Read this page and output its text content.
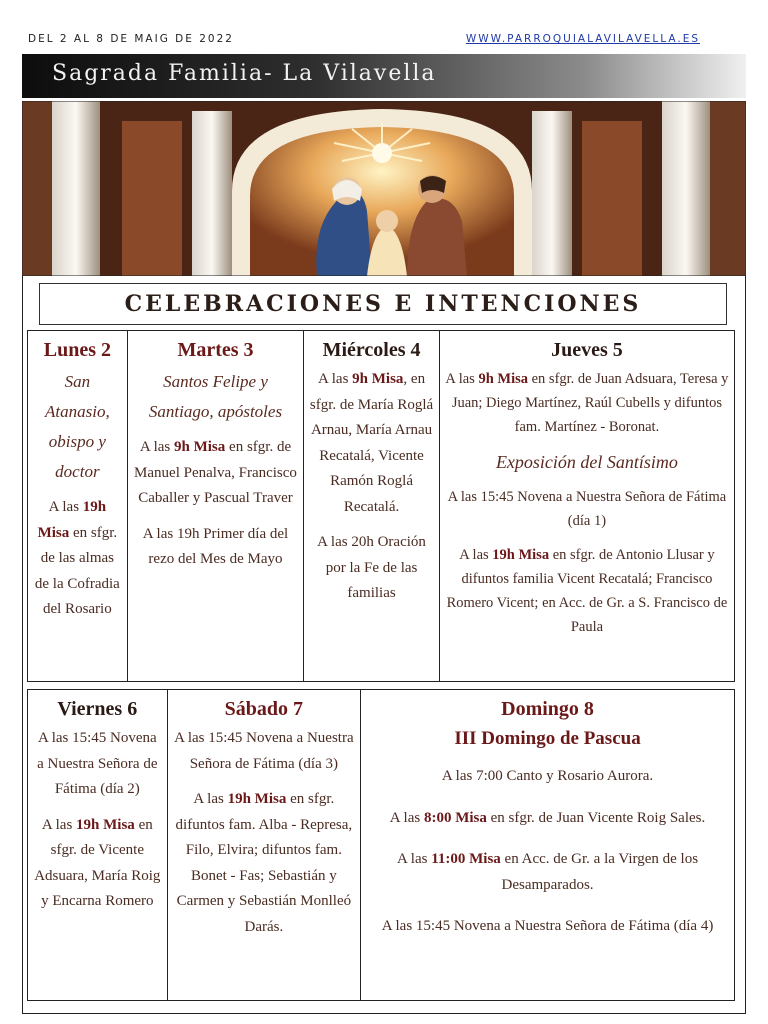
DEL 2 AL 8 DE MAIG DE 2022	WWW.PARROQUIALAVILAVELLA.ES
Sagrada Familia- La Vilavella
CELEBRACIONES E INTENCIONES
Lunes 2
San Atanasio, obispo y doctor
A las 19h Misa en sfgr. de las almas de la Cofradia del Rosario
Martes 3
Santos Felipe y Santiago, apóstoles
A las 9h Misa en sfgr. de Manuel Penalva, Francisco Caballer y Pascual Traver
A las 19h Primer día del rezo del Mes de Mayo
Miércoles 4
A las 9h Misa, en sfgr. de María Roglá Arnau, María Arnau Recatalá, Vicente Ramón Roglá Recatalá.
A las 20h Oración por la Fe de las familias
Jueves 5
A las 9h Misa en sfgr. de Juan Adsuara, Teresa y Juan; Diego Martínez, Raúl Cubells y difuntos fam. Martínez - Boronat.
Exposición del Santísimo
A las 15:45 Novena a Nuestra Señora de Fátima (día 1)
A las 19h Misa en sfgr. de Antonio Llusar y difuntos familia Vicent Recatalá; Francisco Romero Vicent; en Acc. de Gr. a S. Francisco de Paula
Viernes 6
A las 15:45 Novena a Nuestra Señora de Fátima (día 2)
A las 19h Misa en sfgr. de Vicente Adsuara, María Roig y Encarna Romero
Sábado 7
A las 15:45 Novena a Nuestra Señora de Fátima (día 3)
A las 19h Misa en sfgr. difuntos fam. Alba - Represa, Filo, Elvira; difuntos fam. Bonet - Fas; Sebastián y Carmen y Sebastián Monlleó Darás.
Domingo 8
III Domingo de Pascua
A las 7:00 Canto y Rosario Aurora.
A las 8:00 Misa en sfgr. de Juan Vicente Roig Sales.
A las 11:00 Misa en Acc. de Gr. a la Virgen de los Desamparados.
A las 15:45 Novena a Nuestra Señora de Fátima (día 4)
